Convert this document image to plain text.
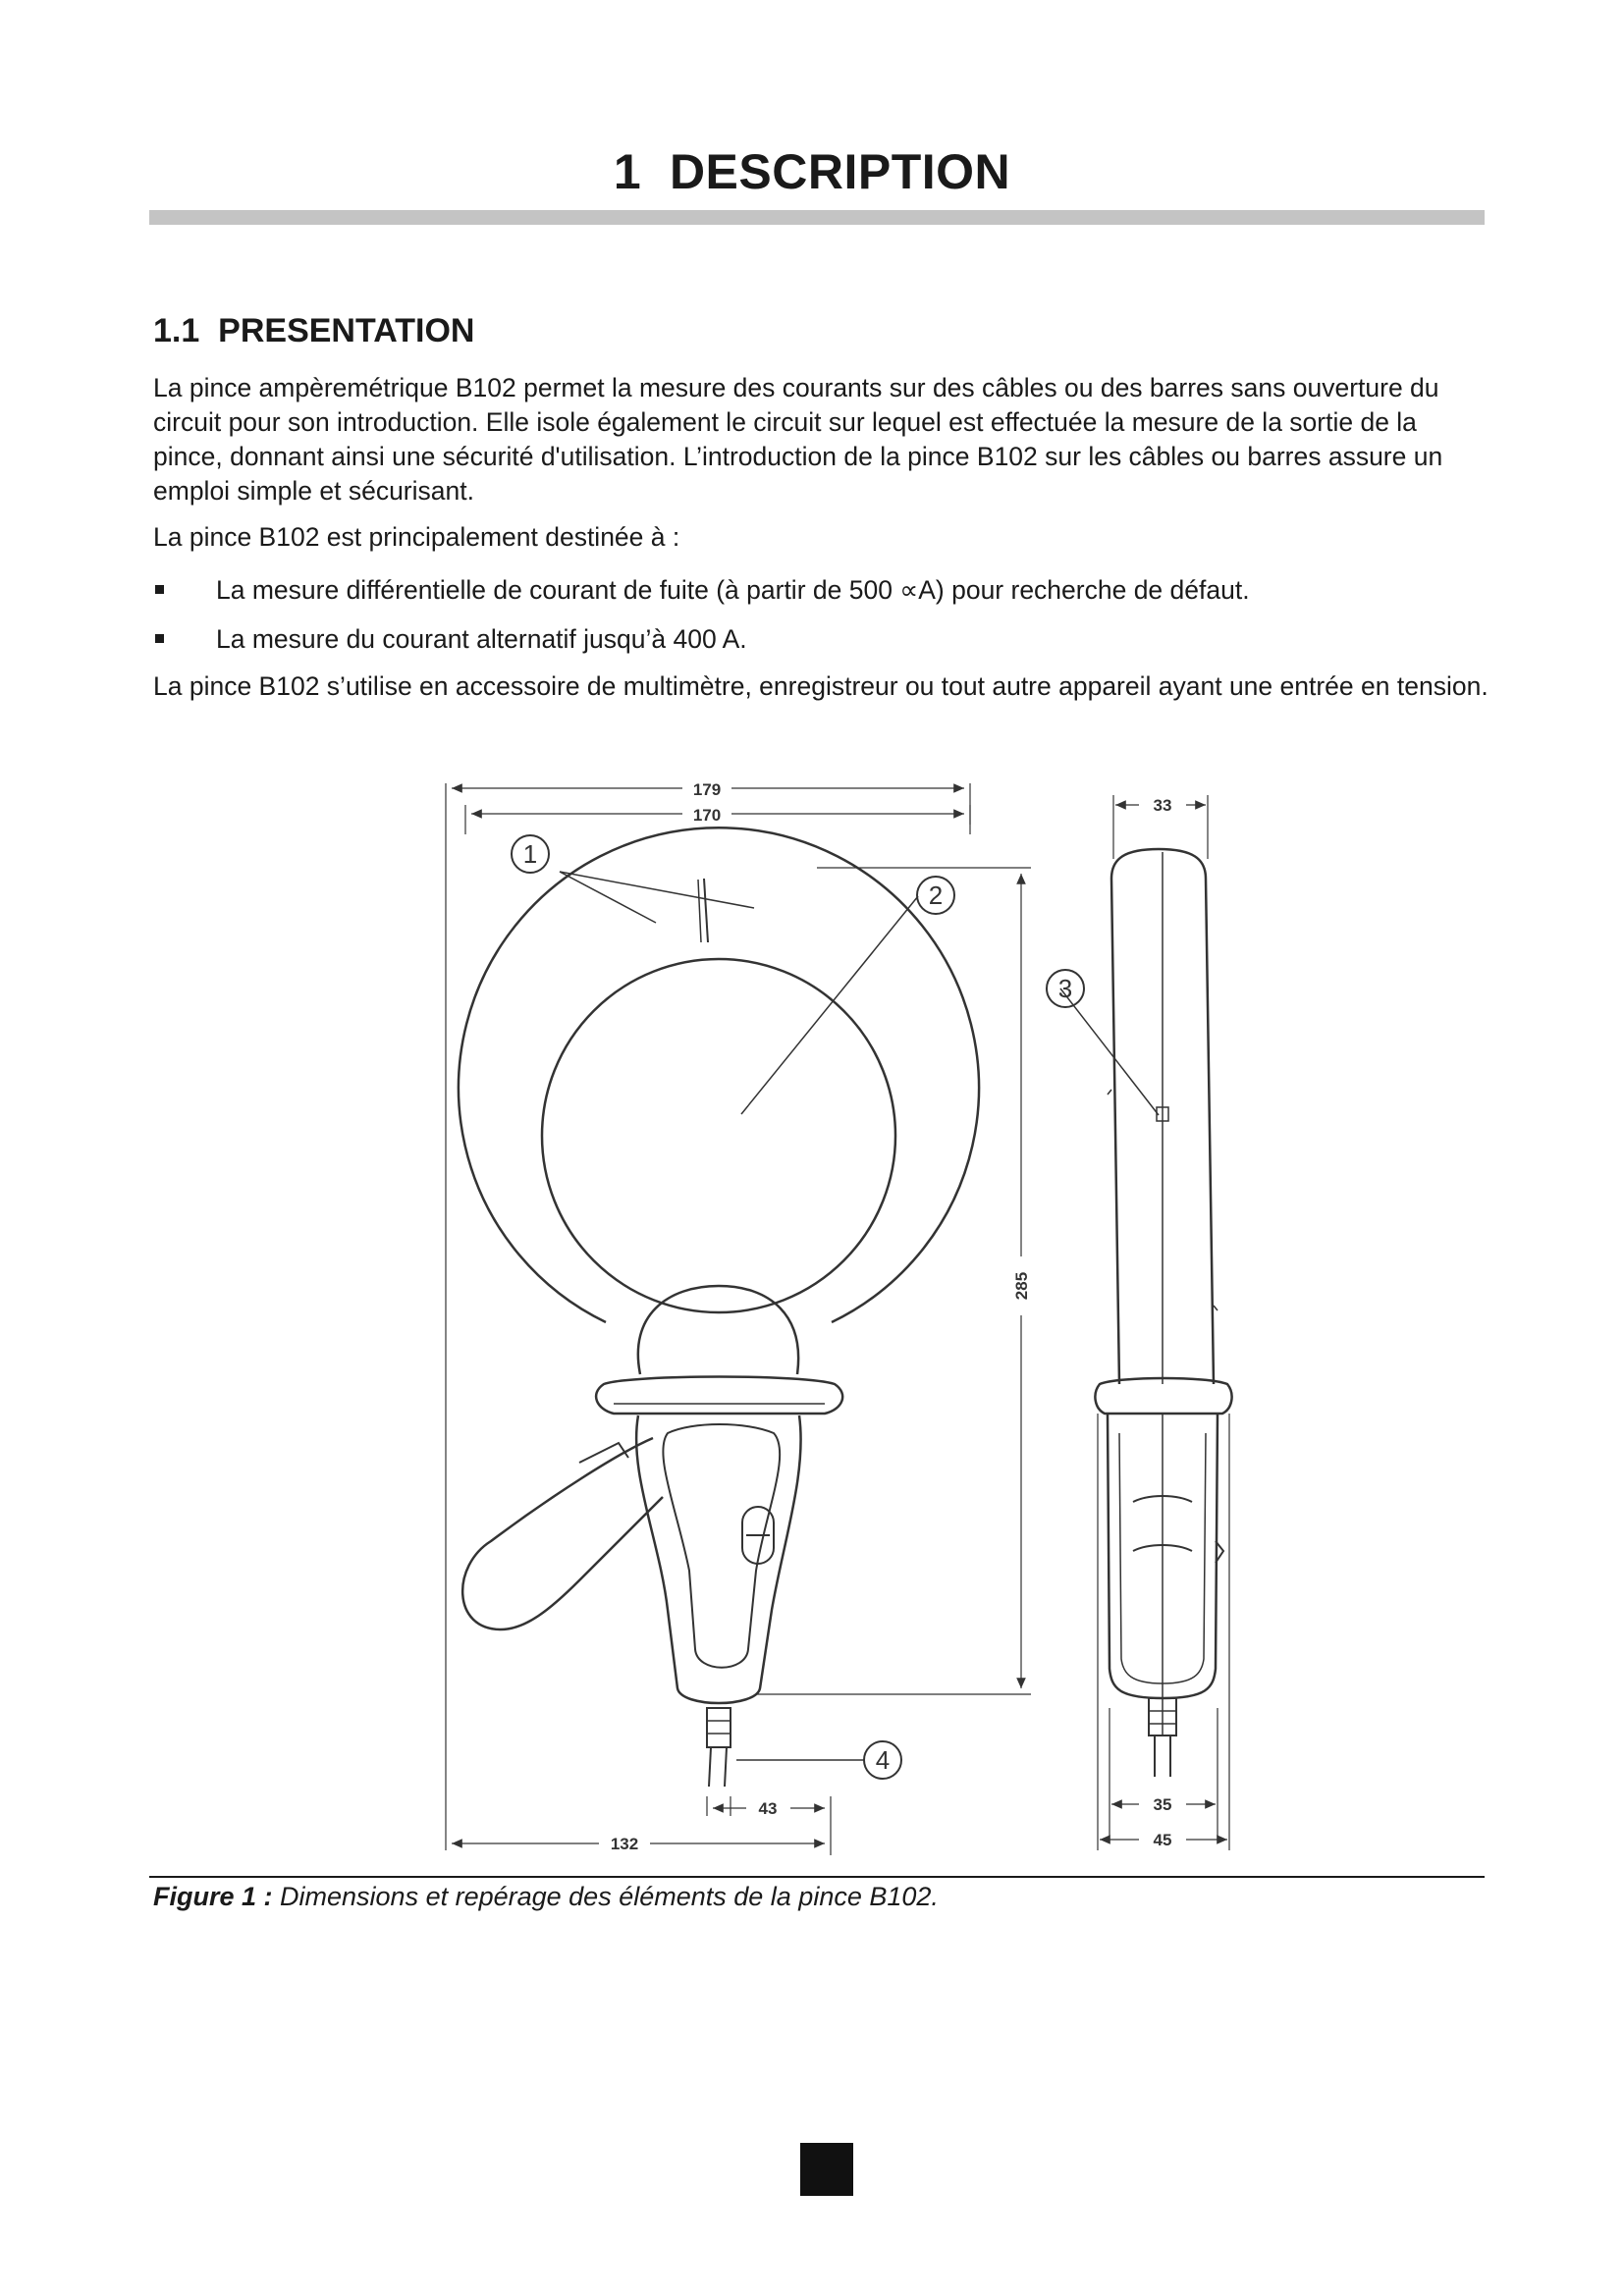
1 DESCRIPTION
1.1 PRESENTATION

La pince ampèremétrique B102 permet la mesure des courants sur des câbles ou des barres sans ouverture du circuit pour son introduction. Elle isole également le circuit sur lequel est effectuée la mesure de la sortie de la pince, donnant ainsi une sécurité d'utilisation. L’introduction de la pince B102 sur les câbles ou barres assure un emploi simple et sécurisant.

La pince B102 est principalement destinée à :

La mesure différentielle de courant de fuite (à partir de 500 ∝A) pour recherche de défaut.
La mesure du courant alternatif jusqu’à 400 A.

La pince B102 s’utilise en accessoire de multimètre, enregistreur ou tout autre appareil ayant une entrée en tension.

1
2
3
4
179
170
285
43
132
33
35
45
Figure 1 : Dimensions et repérage des éléments de la pince B102.
